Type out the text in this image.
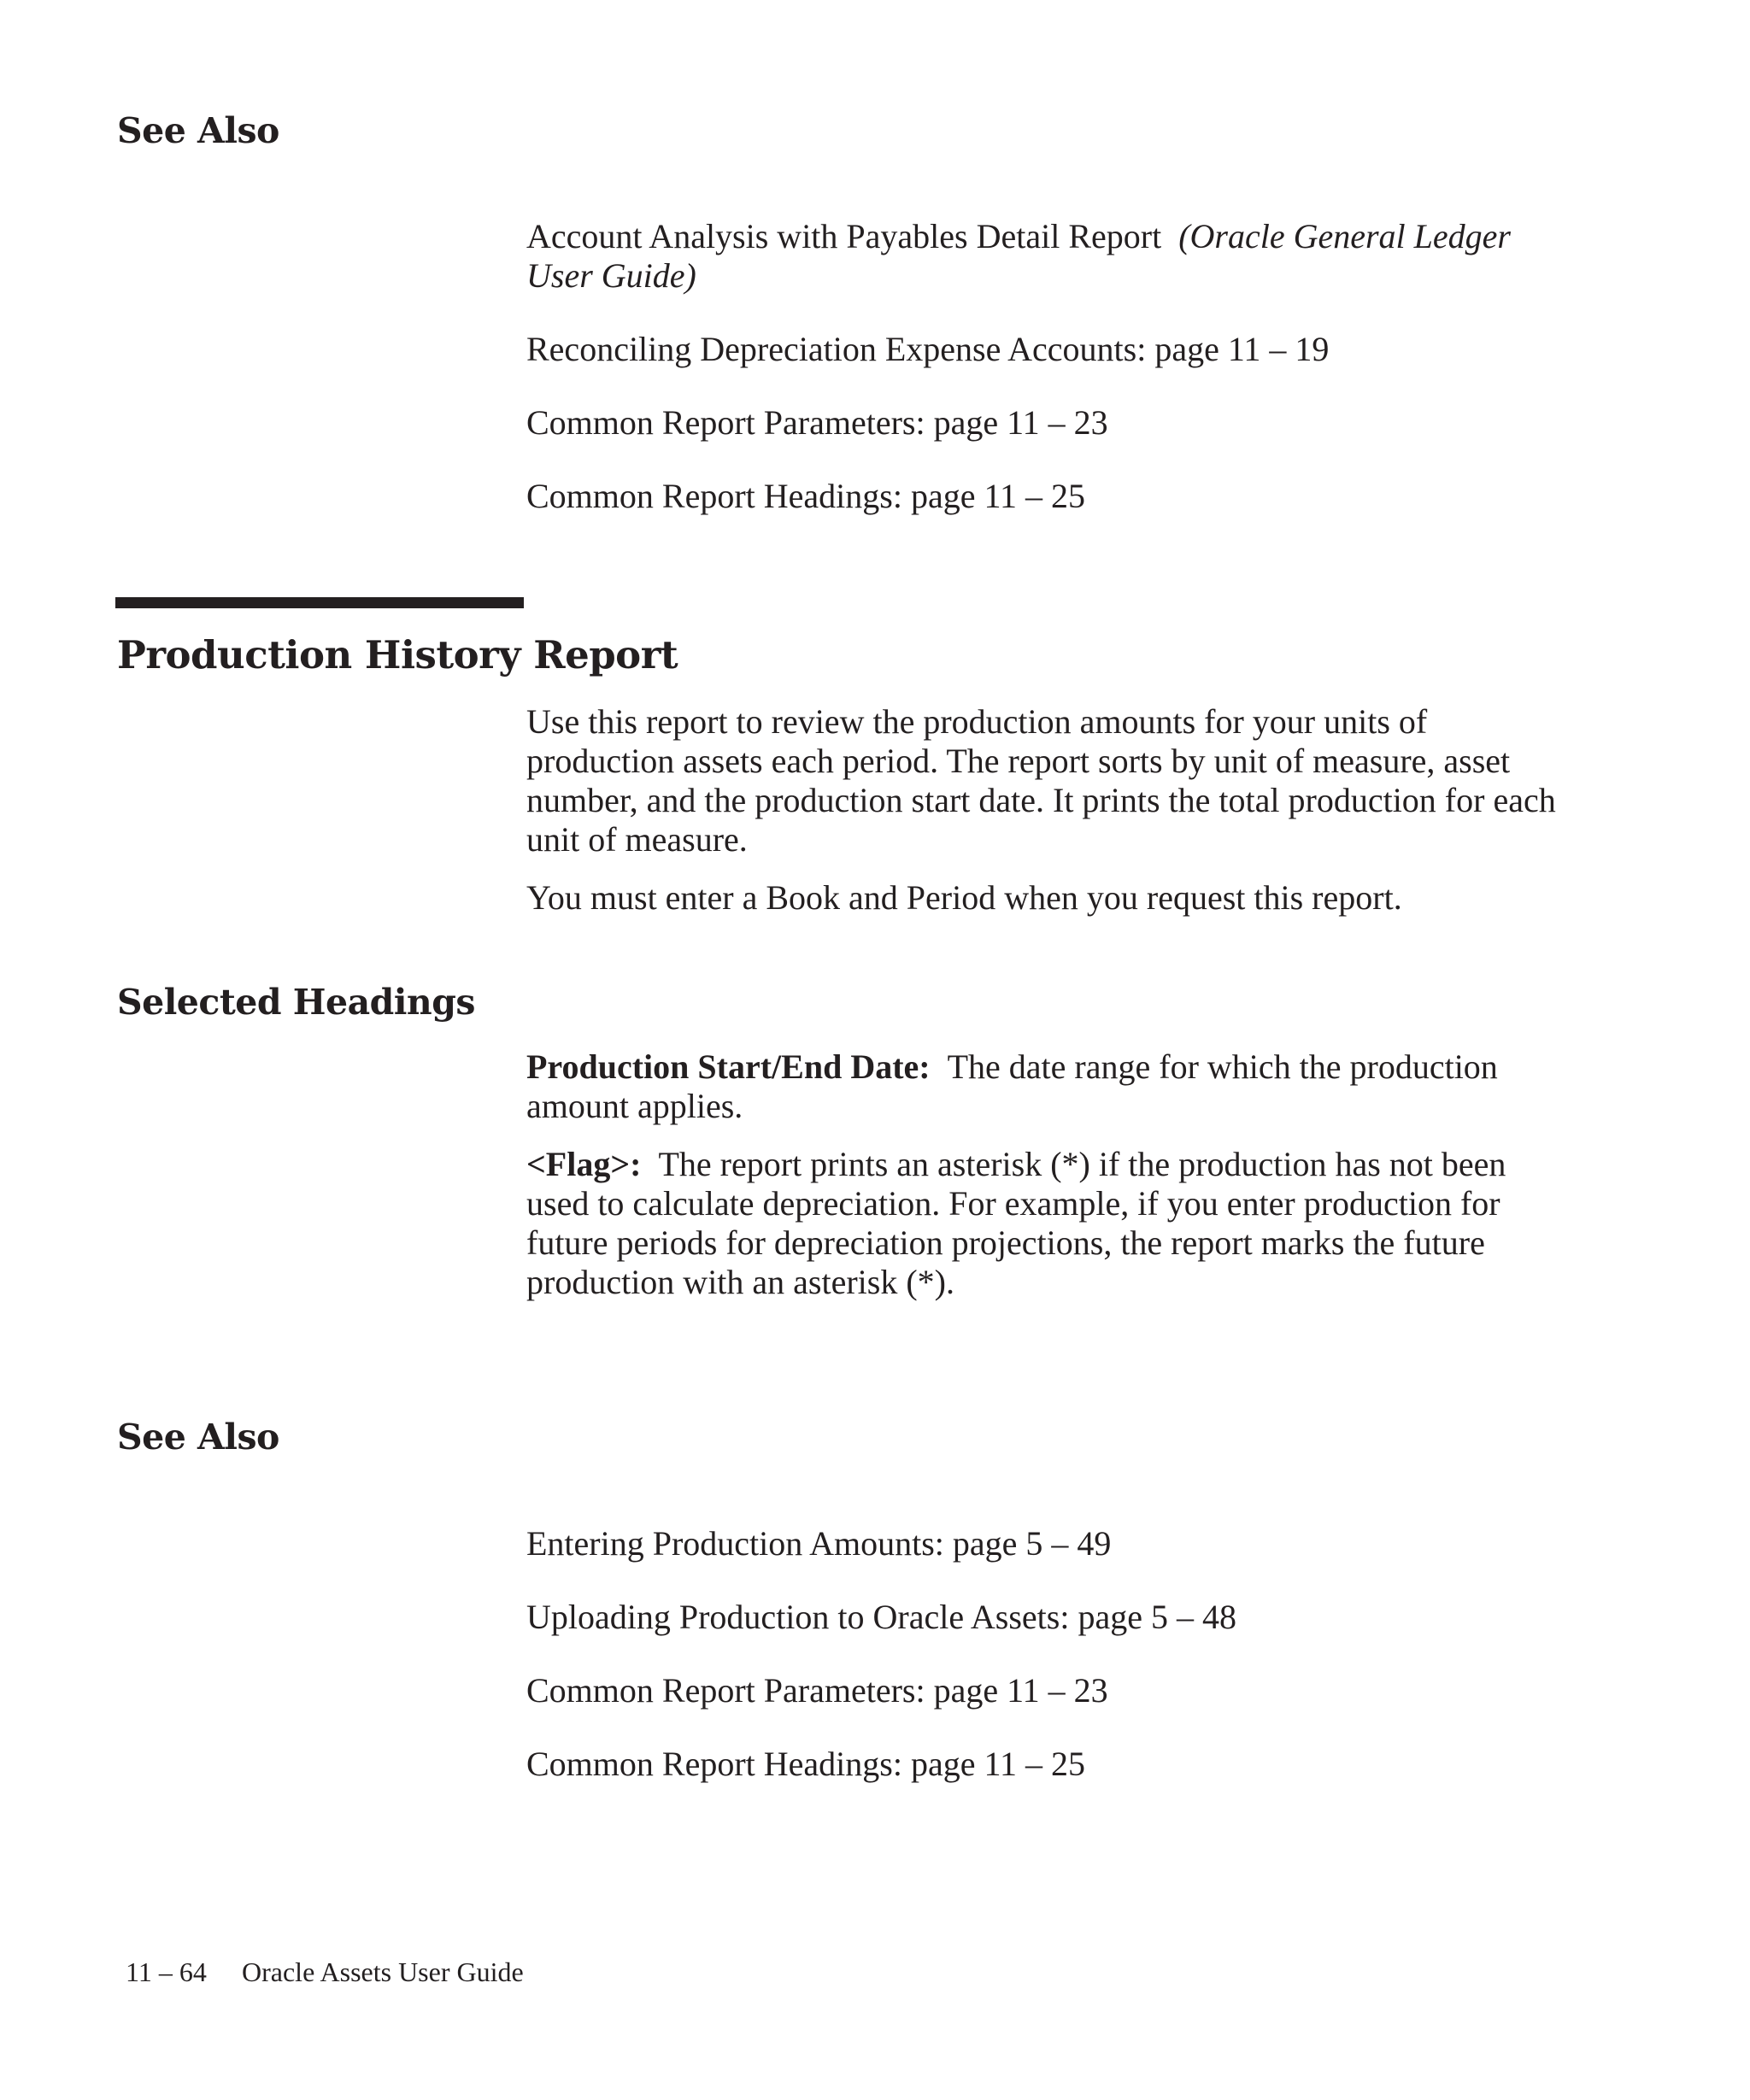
See Also
Account Analysis with Payables Detail Report (Oracle General Ledger User Guide)
Reconciling Depreciation Expense Accounts: page 11 – 19
Common Report Parameters: page 11 – 23
Common Report Headings: page 11 – 25
Production History Report

Use this report to review the production amounts for your units of production assets each period. The report sorts by unit of measure, asset number, and the production start date. It prints the total production for each unit of measure.

You must enter a Book and Period when you request this report.

Selected Headings

Production Start/End Date: The date range for which the production amount applies.

<Flag>: The report prints an asterisk (*) if the production has not been used to calculate depreciation. For example, if you enter production for future periods for depreciation projections, the report marks the future production with an asterisk (*).

See Also
Entering Production Amounts: page 5 – 49
Uploading Production to Oracle Assets: page 5 – 48
Common Report Parameters: page 11 – 23
Common Report Headings: page 11 – 25
11 – 64 Oracle Assets User Guide
